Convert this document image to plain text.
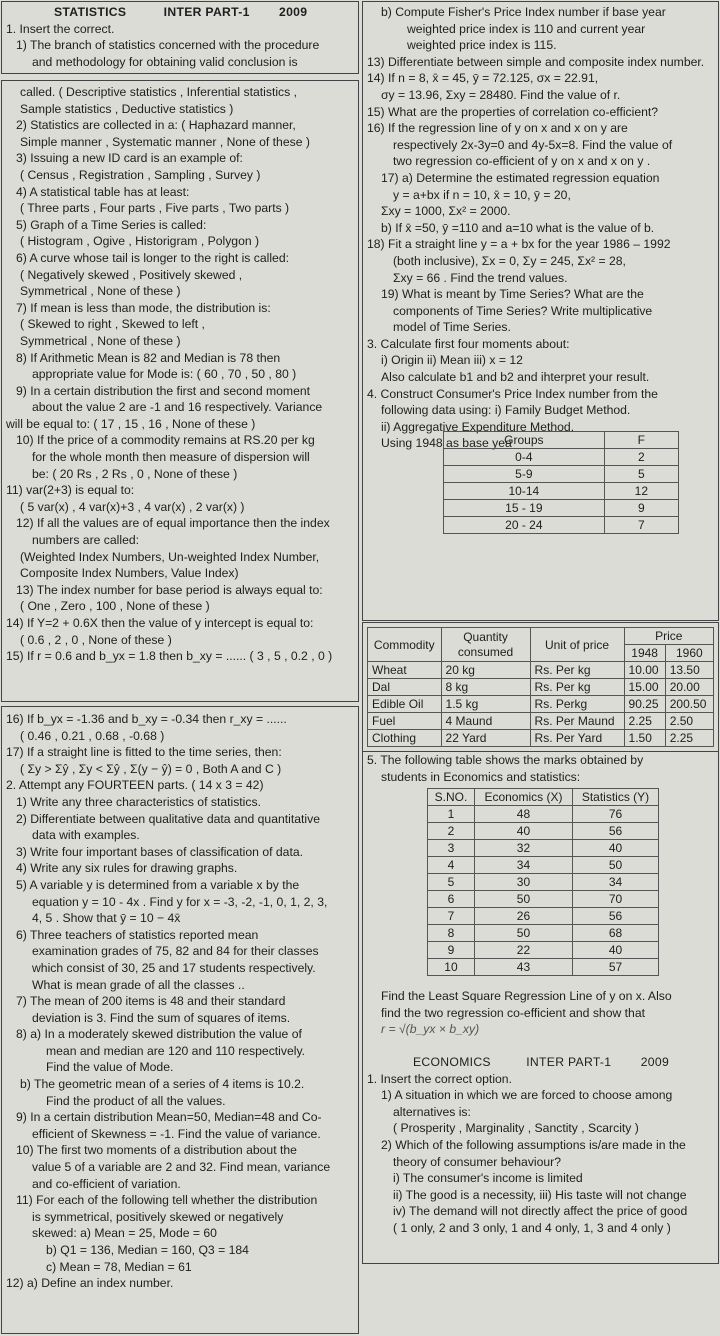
STATISTICS	INTER PART-1 2009
1. Insert the correct.
1) The branch of statistics concerned with the procedure
and methodology for obtaining valid conclusion is
called. ( Descriptive statistics , Inferential statistics ,
Sample statistics , Deductive statistics )
2) Statistics are collected in a: ( Haphazard manner,
Simple manner , Systematic manner , None of these )
3) Issuing a new ID card is an example of:
( Census , Registration , Sampling , Survey )
4) A statistical table has at least:
( Three parts , Four parts , Five parts , Two parts )
5) Graph of a Time Series is called:
( Histogram , Ogive , Historigram , Polygon )
6) A curve whose tail is longer to the right is called:
( Negatively skewed , Positively skewed ,
Symmetrical , None of these )
7) If mean is less than mode, the distribution is:
( Skewed to right , Skewed to left ,
Symmetrical , None of these )
8) If Arithmetic Mean is 82 and Median is 78 then
appropriate value for Mode is: ( 60 , 70 , 50 , 80 )
9) In a certain distribution the first and second moment
about the value 2 are -1 and 16 respectively. Variance
will be equal to: ( 17 , 15 , 16 , None of these )
10) If the price of a commodity remains at RS.20 per kg
for the whole month then measure of dispersion will
be: ( 20 Rs , 2 Rs , 0 , None of these )
11) var(2+3) is equal to:
( 5 var(x) , 4 var(x)+3 , 4 var(x) , 2 var(x) )
12) If all the values are of equal importance then the index
numbers are called:
(Weighted Index Numbers, Un-weighted Index Number,
Composite Index Numbers, Value Index)
13) The index number for base period is always equal to:
( One , Zero , 100 , None of these )
14) If Y=2 + 0.6X then the value of y intercept is equal to:
( 0.6 , 2 , 0 , None of these )
15) If r = 0.6 and b_yx = 1.8 then b_xy = ...... ( 3 , 5 , 0.2 , 0 )
16) If b_yx = -1.36 and b_xy = -0.34 then r_xy = ......
( 0.46 , 0.21 , 0.68 , -0.68 )
17) If a straight line is fitted to the time series, then:
( Σy > Σŷ , Σy < Σŷ , Σ(y − ŷ) = 0 , Both A and C )
2. Attempt any FOURTEEN parts. ( 14 x 3 = 42)
1) Write any three characteristics of statistics.
2) Differentiate between qualitative data and quantitative
data with examples.
3) Write four important bases of classification of data.
4) Write any six rules for drawing graphs.
5) A variable y is determined from a variable x by the
equation y = 10 - 4x . Find y for x = -3, -2, -1, 0, 1, 2, 3,
4, 5 . Show that ȳ = 10 − 4x̄
6) Three teachers of statistics reported mean
examination grades of 75, 82 and 84 for their classes
which consist of 30, 25 and 17 students respectively.
What is mean grade of all the classes ..
7) The mean of 200 items is 48 and their standard
deviation is 3. Find the sum of squares of items.
8) a) In a moderately skewed distribution the value of
mean and median are 120 and 110 respectively.
Find the value of Mode.
b) The geometric mean of a series of 4 items is 10.2.
Find the product of all the values.
9) In a certain distribution Mean=50, Median=48 and Co-
efficient of Skewness = -1. Find the value of variance.
10) The first two moments of a distribution about the
value 5 of a variable are 2 and 32. Find mean, variance
and co-efficient of variation.
11) For each of the following tell whether the distribution
is symmetrical, positively skewed or negatively
skewed: a) Mean = 25, Mode = 60
b) Q1 = 136, Median = 160, Q3 = 184
c) Mean = 78, Median = 61
12) a) Define an index number.
b) Compute Fisher's Price Index number if base year
weighted price index is 110 and current year
weighted price index is 115.
13) Differentiate between simple and composite index number.
14) If n = 8, x̄ = 45, ȳ = 72.125, σx = 22.91,
σy = 13.96, Σxy = 28480. Find the value of r.
15) What are the properties of correlation co-efficient?
16) If the regression line of y on x and x on y are
respectively 2x-3y=0 and 4y-5x=8. Find the value of
two regression co-efficient of y on x and x on y .
17) a) Determine the estimated regression equation
y = a+bx if n = 10, x̄ = 10, ȳ = 20,
Σxy = 1000, Σx² = 2000.
b) If x̄ =50, ȳ =110 and a=10 what is the value of b.
18) Fit a straight line y = a + bx for the year 1986 – 1992
(both inclusive), Σx = 0, Σy = 245, Σx² = 28,
Σxy = 66 . Find the trend values.
19) What is meant by Time Series? What are the
components of Time Series? Write multiplicative
model of Time Series.
3. Calculate first four moments about:
i) Origin ii) Mean iii) x = 12
Also calculate b1 and b2 and ihterpret your result.
4. Construct Consumer's Price Index number from the
following data using: i) Family Budget Method.
ii) Aggregative Expenditure Method.
Using 1948 as base yea
Groups	F
0-4	2
5-9	5
10-14	12
15 - 19	9
20 - 24	7
Commodity	Quantity consumed	Unit of price	Price	
			1948	1960
Wheat	20 kg	Rs. Per kg	10.00	13.50
Dal	8 kg	Rs. Per kg	15.00	20.00
Edible Oil	1.5 kg	Rs. Perkg	90.25	200.50
Fuel	4 Maund	Rs. Per Maund	2.25	2.50
Clothing	22 Yard	Rs. Per Yard	1.50	2.25
5. The following table shows the marks obtained by
students in Economics and statistics:
S.NO.	Economics (X)	Statistics (Y)
1	48	76
2	40	56
3	32	40
4	34	50
5	30	34
6	50	70
7	26	56
8	50	68
9	22	40
10	43	57
Find the Least Square Regression Line of y on x. Also
find the two regression co-efficient and show that
r = √(b_yx × b_xy)
ECONOMICS	INTER PART-1 2009
1. Insert the correct option.
1) A situation in which we are forced to choose among
alternatives is:
( Prosperity , Marginality , Sanctity , Scarcity )
2) Which of the following assumptions is/are made in the
theory of consumer behaviour?
i) The consumer's income is limited
ii) The good is a necessity, iii) His taste will not change
iv) The demand will not directly affect the price of good
( 1 only, 2 and 3 only, 1 and 4 only, 1, 3 and 4 only )
